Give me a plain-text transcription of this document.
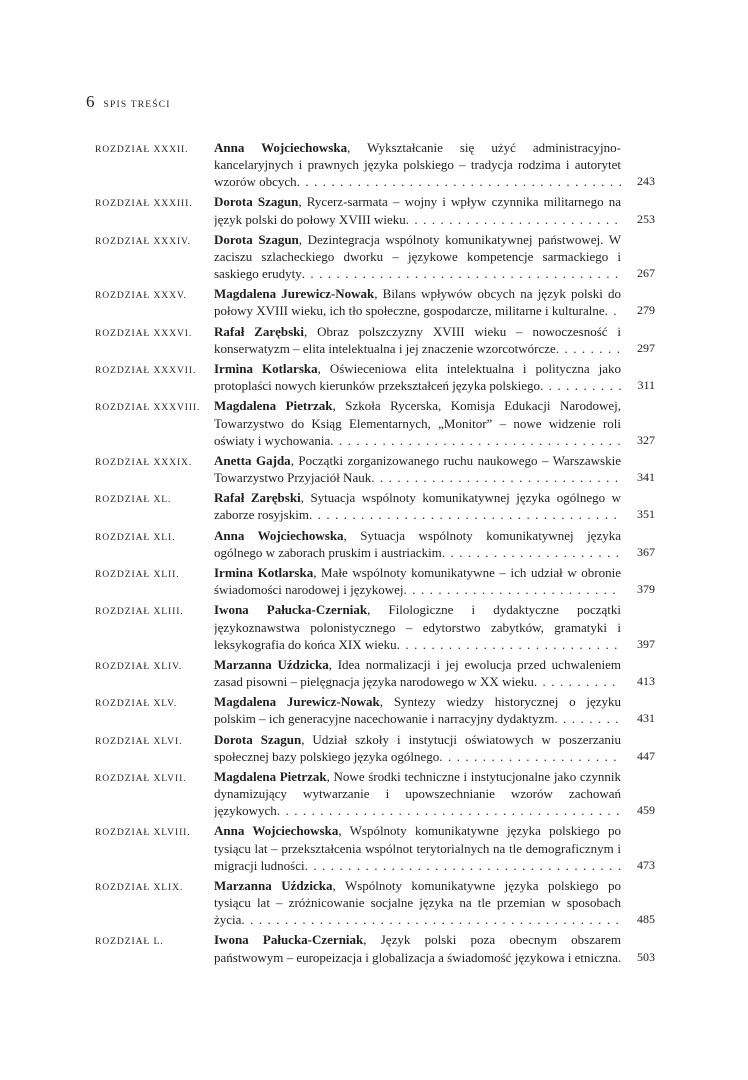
6 SPIS TREŚCI
ROZDZIAŁ XXXII.	Anna Wojciechowska, Wykształcanie się użyć administracyjno-kancelaryjnych i prawnych języka polskiego – tradycja rodzima i autorytet wzorów obcych . . .	243
ROZDZIAŁ XXXIII.	Dorota Szagun, Rycerz-sarmata – wojny i wpływ czynnika militarnego na język polski do połowy XVIII wieku . . .	253
ROZDZIAŁ XXXIV.	Dorota Szagun, Dezintegracja wspólnoty komunikatywnej państwowej. W zaciszu szlacheckiego dworku – językowe kompetencje sarmackiego i saskiego erudyty . . .	267
ROZDZIAŁ XXXV.	Magdalena Jurewicz-Nowak, Bilans wpływów obcych na język polski do połowy XVIII wieku, ich tło społeczne, gospodarcze, militarne i kulturalne . . .	279
ROZDZIAŁ XXXVI.	Rafał Zarębski, Obraz polszczyzny XVIII wieku – nowoczesność i konserwatyzm – elita intelektualna i jej znaczenie wzorcotwórcze . . .	297
ROZDZIAŁ XXXVII.	Irmina Kotlarska, Oświeceniowa elita intelektualna i polityczna jako protoplaści nowych kierunków przekształceń języka polskiego . . .	311
ROZDZIAŁ XXXVIII.	Magdalena Pietrzak, Szkoła Rycerska, Komisja Edukacji Narodowej, Towarzystwo do Ksiąg Elementarnych, „Monitor” – nowe widzenie roli oświaty i wychowania . . .	327
ROZDZIAŁ XXXIX.	Anetta Gajda, Początki zorganizowanego ruchu naukowego – Warszawskie Towarzystwo Przyjaciół Nauk . . .	341
ROZDZIAŁ XL.	Rafał Zarębski, Sytuacja wspólnoty komunikatywnej języka ogólnego w zaborze rosyjskim . . .	351
ROZDZIAŁ XLI.	Anna Wojciechowska, Sytuacja wspólnoty komunikatywnej języka ogólnego w zaborach pruskim i austriackim . . .	367
ROZDZIAŁ XLII.	Irmina Kotlarska, Małe wspólnoty komunikatywne – ich udział w obronie świadomości narodowej i językowej . . .	379
ROZDZIAŁ XLIII.	Iwona Pałucka-Czerniak, Filologiczne i dydaktyczne początki językoznawstwa polonistycznego – edytorstwo zabytków, gramatyki i leksykografia do końca XIX wieku . . .	397
ROZDZIAŁ XLIV.	Marzanna Uździcka, Idea normalizacji i jej ewolucja przed uchwaleniem zasad pisowni – pielęgnacja języka narodowego w XX wieku . . .	413
ROZDZIAŁ XLV.	Magdalena Jurewicz-Nowak, Syntezy wiedzy historycznej o języku polskim – ich generacyjne nacechowanie i narracyjny dydaktyzm . . .	431
ROZDZIAŁ XLVI.	Dorota Szagun, Udział szkoły i instytucji oświatowych w poszerzaniu społecznej bazy polskiego języka ogólnego . . .	447
ROZDZIAŁ XLVII.	Magdalena Pietrzak, Nowe środki techniczne i instytucjonalne jako czynnik dynamizujący wytwarzanie i upowszechnianie wzorów zachowań językowych . . .	459
ROZDZIAŁ XLVIII.	Anna Wojciechowska, Wspólnoty komunikatywne języka polskiego po tysiącu lat – przekształcenia wspólnot terytorialnych na tle demograficznym i migracji ludności . . .	473
ROZDZIAŁ XLIX.	Marzanna Uździcka, Wspólnoty komunikatywne języka polskiego po tysiącu lat – zróżnicowanie socjalne języka na tle przemian w sposobach życia . . .	485
ROZDZIAŁ L.	Iwona Pałucka-Czerniak, Język polski poza obecnym obszarem państwowym – europeizacja i globalizacja a świadomość językowa i etniczna . . .	503
